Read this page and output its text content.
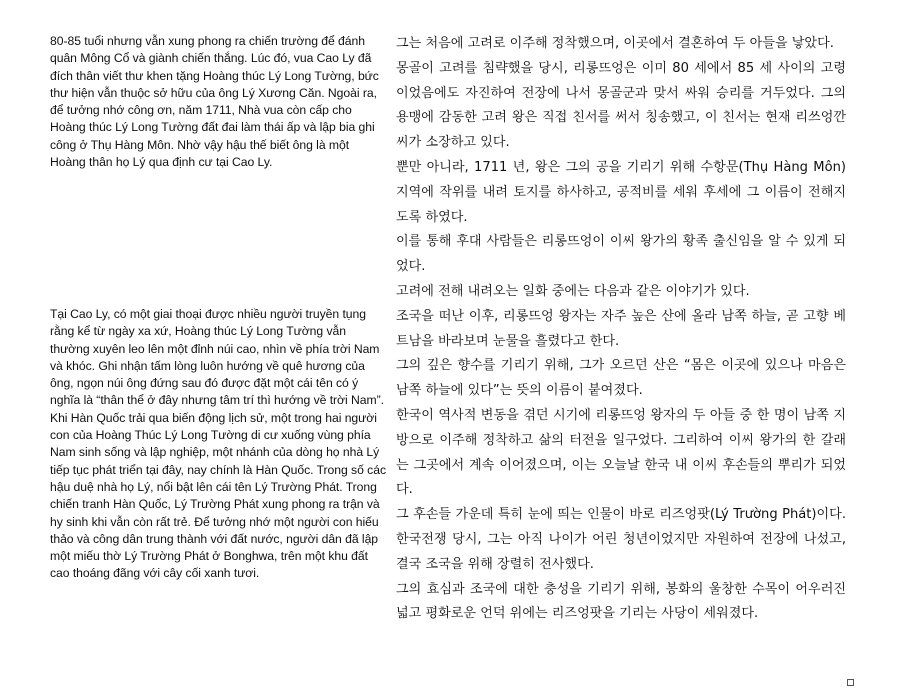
80-85 tuổi nhưng vẫn xung phong ra chiến trường để đánh quân Mông Cổ và giành chiến thắng. Lúc đó, vua Cao Ly đã đích thân viết thư khen tặng Hoàng thúc Lý Long Tường, bức thư hiện vẫn thuộc sở hữu của ông Lý Xương Căn. Ngoài ra, để tưởng nhớ công ơn, năm 1711, Nhà vua còn cấp cho Hoàng thúc Lý Long Tường đất đai làm thái ấp và lập bia ghi công ở Thụ Hàng Môn. Nhờ vậy hậu thế biết ông là một Hoàng thân họ Lý qua định cư tại Cao Ly.

Tại Cao Ly, có một giai thoại được nhiều người truyền tụng rằng kể từ ngày xa xứ, Hoàng thúc Lý Long Tường vẫn thường xuyên leo lên một đỉnh núi cao, nhìn về phía trời Nam và khóc. Ghi nhận tấm lòng luôn hướng về quê hương của ông, ngọn núi ông đứng sau đó được đặt một cái tên có ý nghĩa là “thân thể ở đây nhưng tâm trí thì hướng về trời Nam”.

Khi Hàn Quốc trải qua biến động lịch sử, một trong hai người con của Hoàng Thúc Lý Long Tường di cư xuống vùng phía Nam sinh sống và lập nghiệp, một nhánh của dòng họ nhà Lý tiếp tục phát triển tại đây, nay chính là Hàn Quốc. Trong số các hậu duệ nhà họ Lý, nổi bật lên cái tên Lý Trường Phát. Trong chiến tranh Hàn Quốc, Lý Trường Phát xung phong ra trận và hy sinh khi vẫn còn rất trẻ. Để tưởng nhớ một người con hiếu thảo và công dân trung thành với đất nước, người dân đã lập một miếu thờ Lý Trường Phát ở Bonghwa, trên một khu đất cao thoáng đãng với cây cối xanh tươi.

그는 처음에 고려로 이주해 정착했으며, 이곳에서 결혼하여 두 아들을 낳았다.

몽골이 고려를 침략했을 당시, 리롱뜨엉은 이미 80 세에서 85 세 사이의 고령이었음에도 자진하여 전장에 나서 몽골군과 맞서 싸워 승리를 거두었다. 그의 용맹에 감동한 고려 왕은 직접 친서를 써서 칭송했고, 이 친서는 현재 리쓰엉깐 씨가 소장하고 있다.

뿐만 아니라, 1711 년, 왕은 그의 공을 기리기 위해 수항문(Thụ Hàng Môn) 지역에 작위를 내려 토지를 하사하고, 공적비를 세워 후세에 그 이름이 전해지도록 하였다.

이를 통해 후대 사람들은 리롱뜨엉이 이씨 왕가의 황족 출신임을 알 수 있게 되었다.

고려에 전해 내려오는 일화 중에는 다음과 같은 이야기가 있다.

조국을 떠난 이후, 리롱뜨엉 왕자는 자주 높은 산에 올라 남쪽 하늘, 곧 고향 베트남을 바라보며 눈물을 흘렸다고 한다.

그의 깊은 향수를 기리기 위해, 그가 오르던 산은 “몸은 이곳에 있으나 마음은 남쪽 하늘에 있다”는 뜻의 이름이 붙여졌다.

한국이 역사적 변동을 겪던 시기에 리롱뜨엉 왕자의 두 아들 중 한 명이 남쪽 지방으로 이주해 정착하고 삶의 터전을 일구었다. 그리하여 이씨 왕가의 한 갈래는 그곳에서 계속 이어졌으며, 이는 오늘날 한국 내 이씨 후손들의 뿌리가 되었다.

그 후손들 가운데 특히 눈에 띄는 인물이 바로 리즈엉팟(Lý Trường Phát)이다. 한국전쟁 당시, 그는 아직 나이가 어린 청년이었지만 자원하여 전장에 나섰고, 결국 조국을 위해 장렬히 전사했다.

그의 효심과 조국에 대한 충성을 기리기 위해, 봉화의 울창한 수목이 어우러진 넓고 평화로운 언덕 위에는 리즈엉팟을 기리는 사당이 세워졌다.
